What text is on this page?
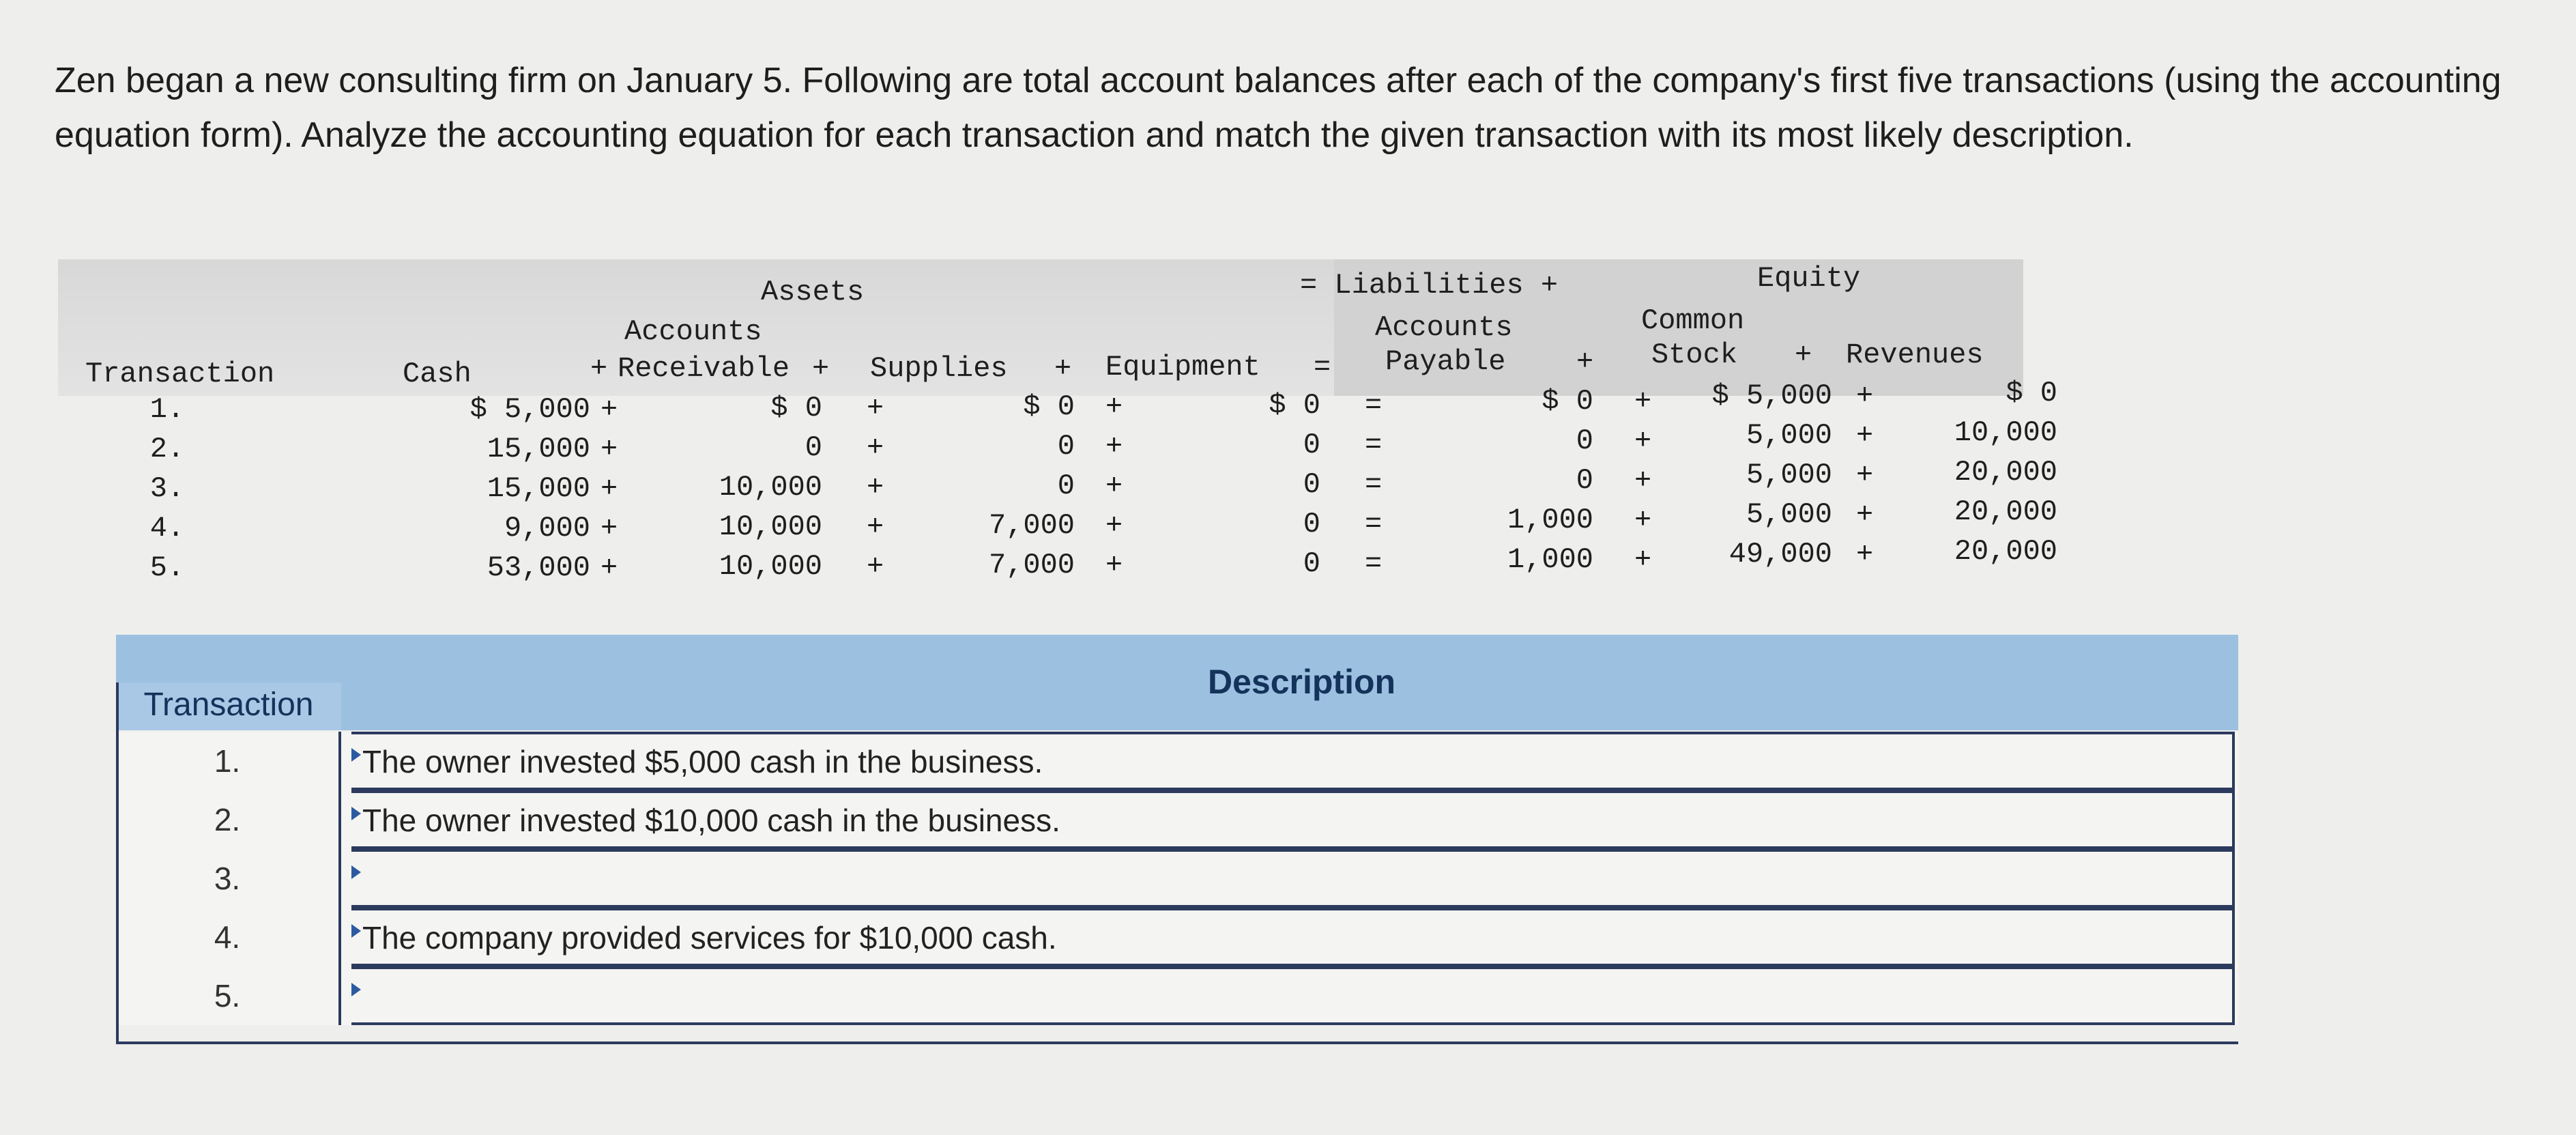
Zen began a new consulting firm on January 5. Following are total account balances after each of the company's first five transactions (using the accounting equation form). Analyze the accounting equation for each transaction and match the given transaction with its most likely description.
Assets	= Liabilities +	Equity
Accounts	Accounts	Common
Transaction	Cash	+ Receivable + Supplies + Equipment = Payable + Stock + Revenues
1.	$ 5,000 +	$ 0 +	$ 0 +	$ 0 =	$ 0 +	$ 5,000 +	$ 0
2.	15,000 +	0 +	0 +	0 =	0 +	5,000 +	10,000
3.	15,000 +	10,000 +	0 +	0 =	0 +	5,000 +	20,000
4.	9,000 +	10,000 +	7,000 +	0 =	1,000 +	5,000 +	20,000
5.	53,000 +	10,000 +	7,000 +	0 =	1,000 +	49,000 +	20,000
Description
Transaction
1.	The owner invested $5,000 cash in the business.
2.	The owner invested $10,000 cash in the business.
3.
4.	The company provided services for $10,000 cash.
5.
